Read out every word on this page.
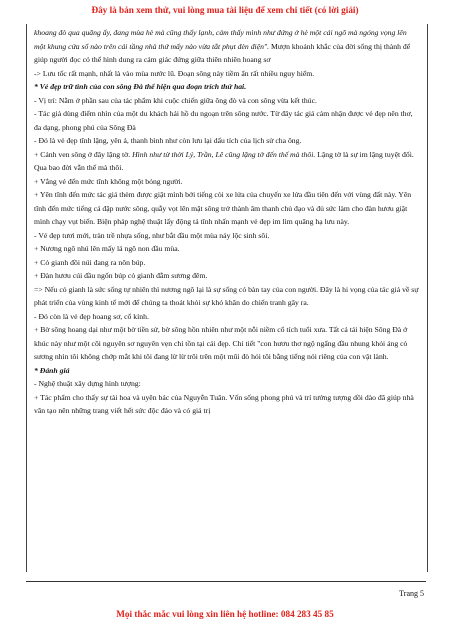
Đây là bản xem thử, vui lòng mua tài liệu để xem chi tiết (có lời giải)

khoang đò qua quãng ấy, đang mùa hè mà cũng thấy lạnh, cảm thấy mình như đứng ở hè một cái ngõ mà ngóng vọng lên một khung cửa sổ nào trên cái tầng nhà thứ mấy nào vừa tắt phụt đèn điện". Mượn khoảnh khắc của đời sống thị thành để giúp người đọc có thể hình dung ra cảm giác đứng giữa thiên nhiên hoang sơ

-> Lưu tốc rất mạnh, nhất là vào mùa nước lũ. Đoạn sông này tiềm ẩn rất nhiều nguy hiểm.

* Vẻ đẹp trữ tình của con sông Đà thể hiện qua đoạn trích thứ hai.

- Vị trí: Nằm ở phần sau của tác phẩm khi cuộc chiến giữa ông đò và con sông vừa kết thúc.

- Tác giả dùng điểm nhìn của một du khách hải hồ du ngoạn trên sông nước. Từ đây tác giả cảm nhận được vẻ đẹp nên thơ, đa dạng, phong phú của Sông Đà

- Đó là vẻ đẹp tĩnh lặng, yên ả, thanh bình như còn lưu lại dấu tích của lịch sử cha ông.

+ Cảnh ven sông ở đây lặng tờ. Hình như từ thời Lý, Trần, Lê cũng lặng tờ đến thế mà thôi. Lặng tờ là sự im lặng tuyệt đối. Qua bao đời vẫn thế mà thôi.

+ Vắng vẻ đến mức tĩnh không một bóng người.

+ Yên tĩnh đến mức tác giả thèm được giật mình bởi tiếng còi xe lửa của chuyến xe lửa đầu tiên đến với vùng đất này. Yên tĩnh đến mức tiếng cá đập nước sông, quẫy vọt lên mặt sông trở thành âm thanh chủ đạo và đủ sức làm cho đàn hươu giật mình chạy vụt biến. Biện pháp nghệ thuật lấy động tả tĩnh nhấn mạnh vẻ đẹp im lìm quãng hạ lưu này.

- Vẻ đẹp tươi mới, tràn trề nhựa sống, như bắt đầu một mùa nảy lộc sinh sôi.

+ Nương ngô nhú lên mấy lá ngô non đầu mùa.

+ Cỏ gianh đồi núi đang ra nõn búp.

+ Đàn hươu cúi đầu ngốn búp cỏ gianh đẫm sương đêm.

=> Nếu cỏ gianh là sức sống tự nhiên thì nương ngô lại là sự sống có bàn tay của con người. Đây là hi vọng của tác giả về sự phát triển của vùng kinh tế mới để chúng ta thoát khỏi sự khó khăn do chiến tranh gây ra.

- Đó còn là vẻ đẹp hoang sơ, cổ kính.

+ Bờ sông hoang dại như một bờ tiền sử, bờ sông hồn nhiên như một nỗi niềm cổ tích tuổi xưa. Tất cả tái hiện Sông Đà ở khúc này như một cõi nguyên sơ nguyên vẹn chỉ tồn tại cái đẹp. Chi tiết "con hươu thơ ngộ ngẩng đầu nhung khỏi áng cỏ sương nhìn tôi không chớp mắt khi tôi đang lừ lừ trôi trên một mũi đò hỏi tôi bằng tiếng nói riêng của con vật lành.

* Đánh giá

- Nghệ thuật xây dựng hình tượng:

+ Tác phẩm cho thấy sự tài hoa và uyên bác của Nguyễn Tuân. Vốn sống phong phú và trí tưởng tượng dồi dào đã giúp nhà văn tạo nên những trang viết hết sức độc đáo và có giá trị

Trang 5
Mọi thắc mắc vui lòng xin liên hệ hotline: 084 283 45 85
